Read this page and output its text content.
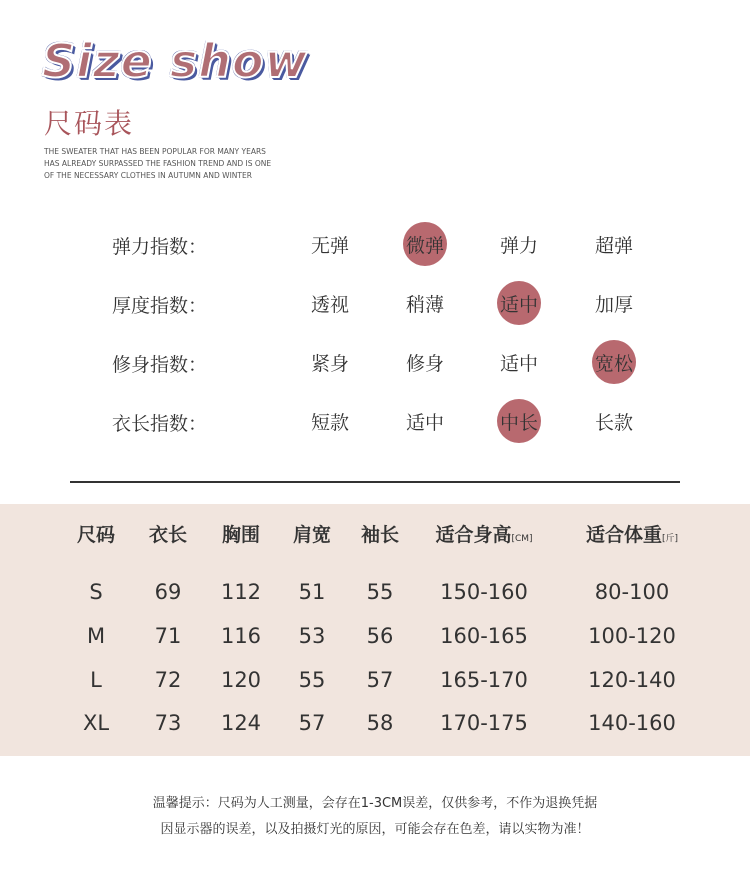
Size show
尺码表
THE SWEATER THAT HAS BEEN POPULAR FOR MANY YEARS
HAS ALREADY SURPASSED THE FASHION TREND AND IS ONE
OF THE NECESSARY CLOTHES IN AUTUMN AND WINTER
弹力指数：	无弹	微弹	弹力	超弹
厚度指数：	透视	稍薄	适中	加厚
修身指数：	紧身	修身	适中	宽松
衣长指数：	短款	适中	中长	长款
尺码 衣长 胸围 肩宽 袖长 适合身高[CM]	适合体重[斤]
S 69 112 51 55 150-160	80-100
M 71 116 53 56 160-165	100-120
L	72 120 55 57 165-170	120-140
XL 73 124 57 58 170-175	140-160
温馨提示：尺码为人工测量，会存在1-3CM误差，仅供参考，不作为退换凭据
因显示器的误差，以及拍摄灯光的原因，可能会存在色差，请以实物为准！
